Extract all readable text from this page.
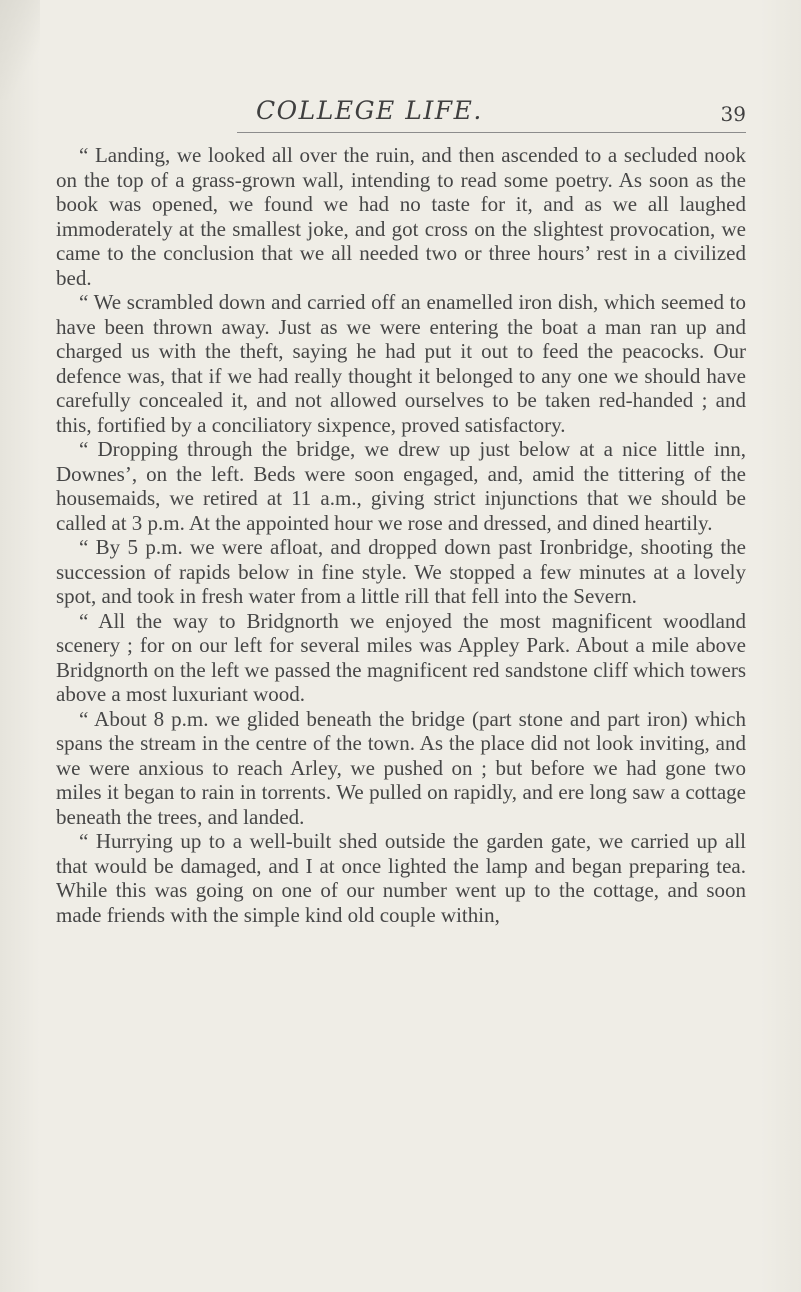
COLLEGE LIFE.	39

“ Landing, we looked all over the ruin, and then ascended to a secluded nook on the top of a grass-grown wall, intending to read some poetry. As soon as the book was opened, we found we had no taste for it, and as we all laughed immoderately at the smallest joke, and got cross on the slightest provocation, we came to the conclusion that we all needed two or three hours’ rest in a civilized bed.

“ We scrambled down and carried off an enamelled iron dish, which seemed to have been thrown away. Just as we were entering the boat a man ran up and charged us with the theft, saying he had put it out to feed the peacocks. Our defence was, that if we had really thought it belonged to any one we should have carefully concealed it, and not allowed ourselves to be taken red-handed ; and this, fortified by a conciliatory sixpence, proved satisfactory.

“ Dropping through the bridge, we drew up just below at a nice little inn, Downes’, on the left. Beds were soon engaged, and, amid the tittering of the housemaids, we retired at 11 a.m., giving strict injunctions that we should be called at 3 p.m. At the appointed hour we rose and dressed, and dined heartily.

“ By 5 p.m. we were afloat, and dropped down past Ironbridge, shooting the succession of rapids below in fine style. We stopped a few minutes at a lovely spot, and took in fresh water from a little rill that fell into the Severn.

“ All the way to Bridgnorth we enjoyed the most magnificent woodland scenery ; for on our left for several miles was Appley Park. About a mile above Bridgnorth on the left we passed the magnificent red sandstone cliff which towers above a most luxuriant wood.

“ About 8 p.m. we glided beneath the bridge (part stone and part iron) which spans the stream in the centre of the town. As the place did not look inviting, and we were anxious to reach Arley, we pushed on ; but before we had gone two miles it began to rain in torrents. We pulled on rapidly, and ere long saw a cottage beneath the trees, and landed.

“ Hurrying up to a well-built shed outside the garden gate, we carried up all that would be damaged, and I at once lighted the lamp and began preparing tea. While this was going on one of our number went up to the cottage, and soon made friends with the simple kind old couple within,
